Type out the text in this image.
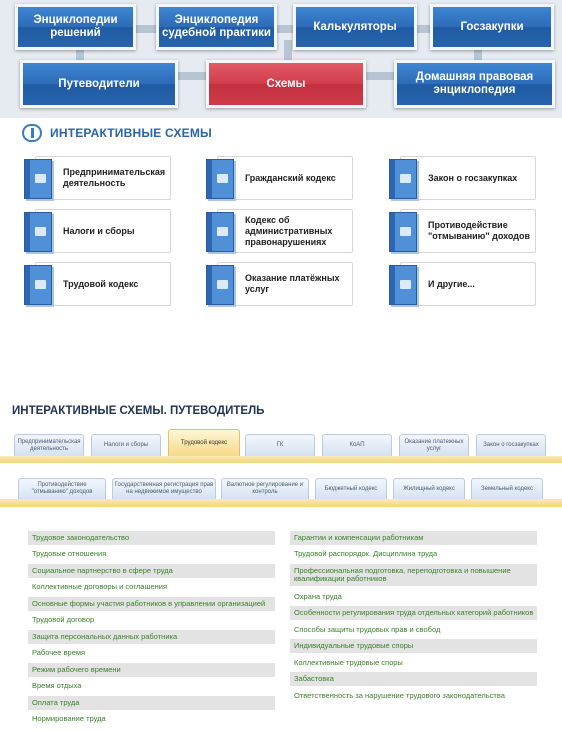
Энциклопедии решений
Энциклопедия судебной практики
Калькуляторы	Госзакупки
Путеводители	Схемы
Домашняя правовая энциклопедия
ИНТЕРАКТИВНЫЕ СХЕМЫ
Предпринимательская деятельность
Налоги и сборы
Трудовой кодекс
Гражданский кодекс
Кодекс об административных правонарушениях
Оказание платёжных услуг
Закон о госзакупках
Противодействие "отмыванию" доходов
И другие...
ИНТЕРАКТИВНЫЕ СХЕМЫ. ПУТЕВОДИТЕЛЬ
Предпринимательская деятельность
Налоги и сборы	Трудовой кодекс	ГК	КоАП
Оказание платежных услуг
Закон о госзакупках
Противодействие "отмыванию" доходов
Государственная регистрация прав на недвижимое имущество
Валютное регулирование и контроль
Бюджетный кодекс	Жилищный кодекс	Земельный кодекс
Трудовое законодательство
Трудовые отношения
Социальное партнерство в сфере труда
Коллективные договоры и соглашения
Основные формы участия работников в управлении организацией
Трудовой договор
Защита персональных данных работника
Рабочее время
Режим рабочего времени
Время отдыха
Оплата труда
Нормирование труда
Гарантии и компенсации работникам
Трудовой распорядок. Дисциплина труда
Профессиональная подготовка, переподготовка и повышение квалификации работников
Охрана труда
Особенности регулирования труда отдельных категорий работников
Способы защиты трудовых прав и свобод
Индивидуальные трудовые споры
Коллективные трудовые споры
Забастовка
Ответственность за нарушение трудового законодательства
